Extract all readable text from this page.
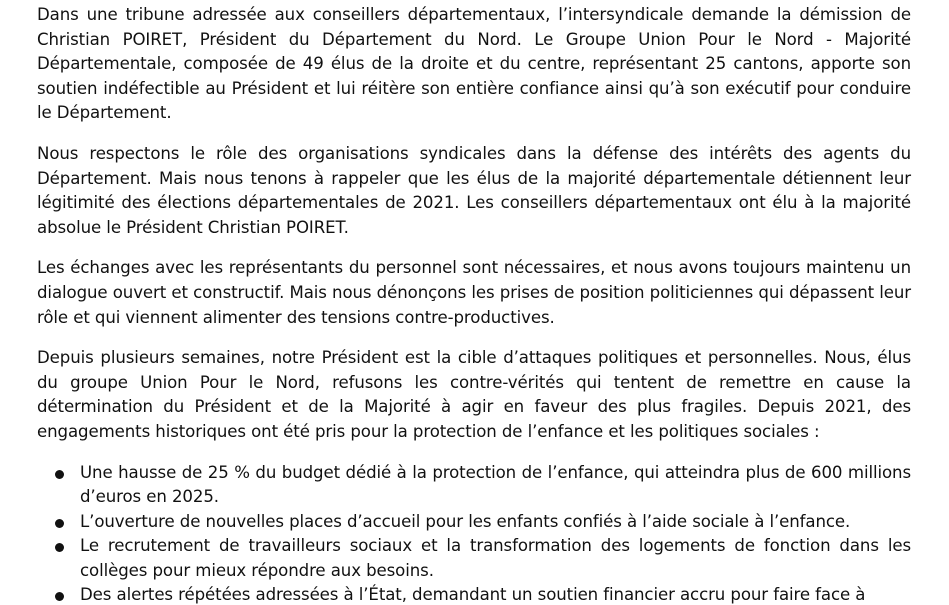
Dans une tribune adressée aux conseillers départementaux, l’intersyndicale demande la démission de Christian POIRET, Président du Département du Nord. Le Groupe Union Pour le Nord - Majorité Départementale, composée de 49 élus de la droite et du centre, représentant 25 cantons, apporte son soutien indéfectible au Président et lui réitère son entière confiance ainsi qu’à son exécutif pour conduire le Département.

Nous respectons le rôle des organisations syndicales dans la défense des intérêts des agents du Département. Mais nous tenons à rappeler que les élus de la majorité départementale détiennent leur légitimité des élections départementales de 2021. Les conseillers départementaux ont élu à la majorité absolue le Président Christian POIRET.

Les échanges avec les représentants du personnel sont nécessaires, et nous avons toujours maintenu un dialogue ouvert et constructif. Mais nous dénonçons les prises de position politiciennes qui dépassent leur rôle et qui viennent alimenter des tensions contre-productives.

Depuis plusieurs semaines, notre Président est la cible d’attaques politiques et personnelles. Nous, élus du groupe Union Pour le Nord, refusons les contre-vérités qui tentent de remettre en cause la détermination du Président et de la Majorité à agir en faveur des plus fragiles. Depuis 2021, des engagements historiques ont été pris pour la protection de l’enfance et les politiques sociales :

Une hausse de 25 % du budget dédié à la protection de l’enfance, qui atteindra plus de 600 millions d’euros en 2025.
L’ouverture de nouvelles places d’accueil pour les enfants confiés à l’aide sociale à l’enfance.
Le recrutement de travailleurs sociaux et la transformation des logements de fonction dans les collèges pour mieux répondre aux besoins.
Des alertes répétées adressées à l’État, demandant un soutien financier accru pour faire face à
